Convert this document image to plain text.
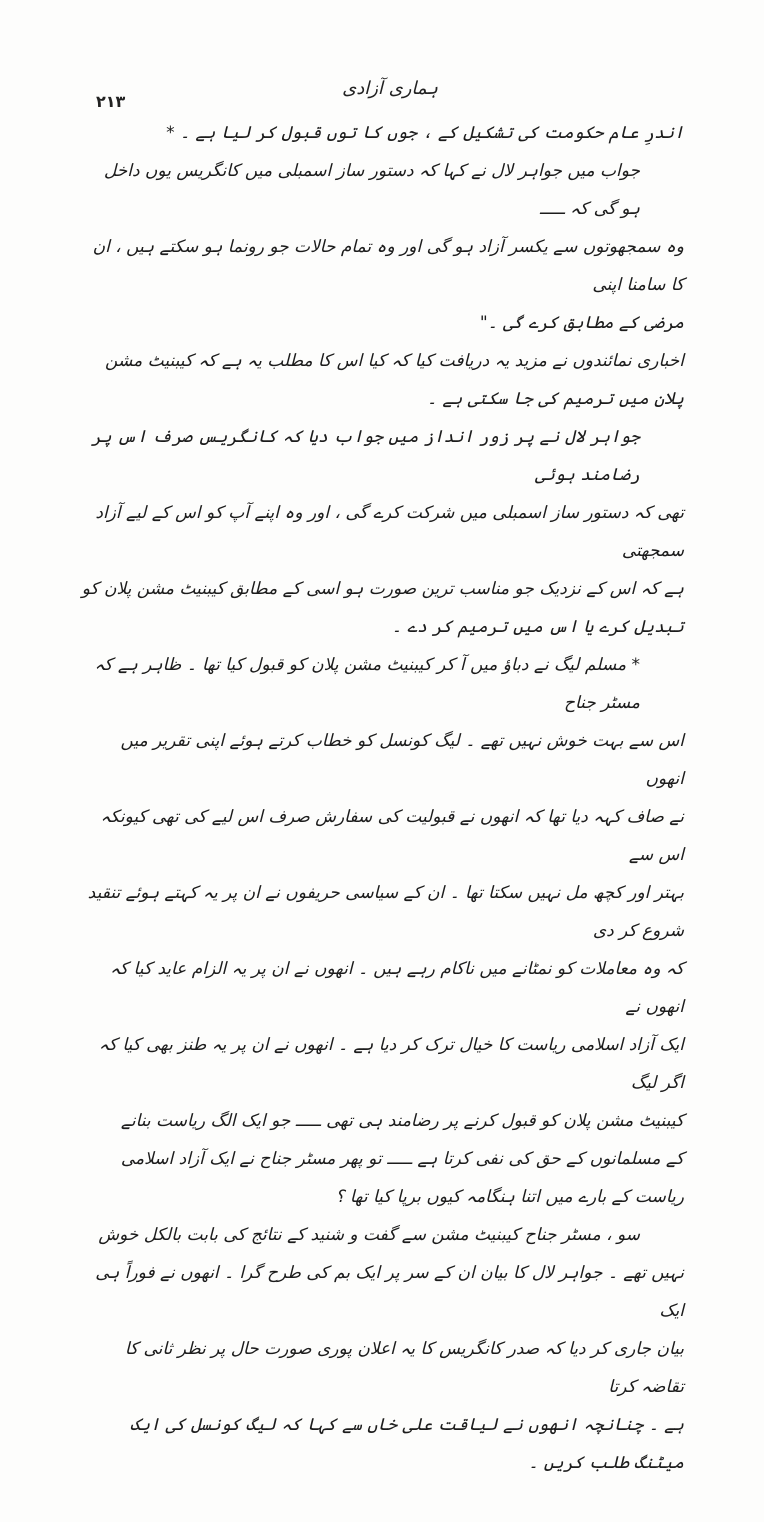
۲۱۳
ہماری آزادی
اندرِ عام حکومت کی تشکیل کے ، جوں کا توں قبول کر لیا ہے ۔ *
جواب میں جواہر لال نے کہا کہ دستور ساز اسمبلی میں کانگریس یوں داخل ہو گی کہ ـــــ
وہ سمجھوتوں سے یکسر آزاد ہو گی اور وہ تمام حالات جو رونما ہو سکتے ہیں ، ان کا سامنا اپنی
مرضی کے مطابق کرے گی ۔"
اخباری نمائندوں نے مزید یہ دریافت کیا کہ کیا اس کا مطلب یہ ہے کہ کیبنیٹ مشن
پلان میں ترمیم کی جا سکتی ہے ۔
جواہر لال نے پر زور انداز میں جواب دیا کہ کانگریس صرف اس پر رضامند ہوئی
تھی کہ دستور ساز اسمبلی میں شرکت کرے گی ، اور وہ اپنے آپ کو اس کے لیے آزاد سمجھتی
ہے کہ اس کے نزدیک جو مناسب ترین صورت ہو اسی کے مطابق کیبنیٹ مشن پلان کو
تبدیل کرے یا اس میں ترمیم کر دے ۔
* مسلم لیگ نے دباؤ میں آ کر کیبنیٹ مشن پلان کو قبول کیا تھا ۔ ظاہر ہے کہ مسٹر جناح
اس سے بہت خوش نہیں تھے ۔ لیگ کونسل کو خطاب کرتے ہوئے اپنی تقریر میں انھوں
نے صاف کہہ دیا تھا کہ انھوں نے قبولیت کی سفارش صرف اس لیے کی تھی کیونکہ اس سے
بہتر اور کچھ مل نہیں سکتا تھا ۔ ان کے سیاسی حریفوں نے ان پر یہ کہتے ہوئے تنقید شروع کر دی
کہ وہ معاملات کو نمٹانے میں ناکام رہے ہیں ۔ انھوں نے ان پر یہ الزام عاید کیا کہ انھوں نے
ایک آزاد اسلامی ریاست کا خیال ترک کر دیا ہے ۔ انھوں نے ان پر یہ طنز بھی کیا کہ اگر لیگ
کیبنیٹ مشن پلان کو قبول کرنے پر رضامند ہی تھی ـــــ جو ایک الگ ریاست بنانے
کے مسلمانوں کے حق کی نفی کرتا ہے ـــــ تو پھر مسٹر جناح نے ایک آزاد اسلامی
ریاست کے بارے میں اتنا ہنگامہ کیوں برپا کیا تھا ؟
سو ، مسٹر جناح کیبنیٹ مشن سے گفت و شنید کے نتائج کی بابت بالکل خوش
نہیں تھے ۔ جواہر لال کا بیان ان کے سر پر ایک بم کی طرح گرا ۔ انھوں نے فوراً ہی ایک
بیان جاری کر دیا کہ صدر کانگریس کا یہ اعلان پوری صورت حال پر نظر ثانی کا تقاضہ کرتا
ہے ۔ چنانچہ انھوں نے لیاقت علی خاں سے کہا کہ لیگ کونسل کی ایک میٹنگ طلب کریں ۔
